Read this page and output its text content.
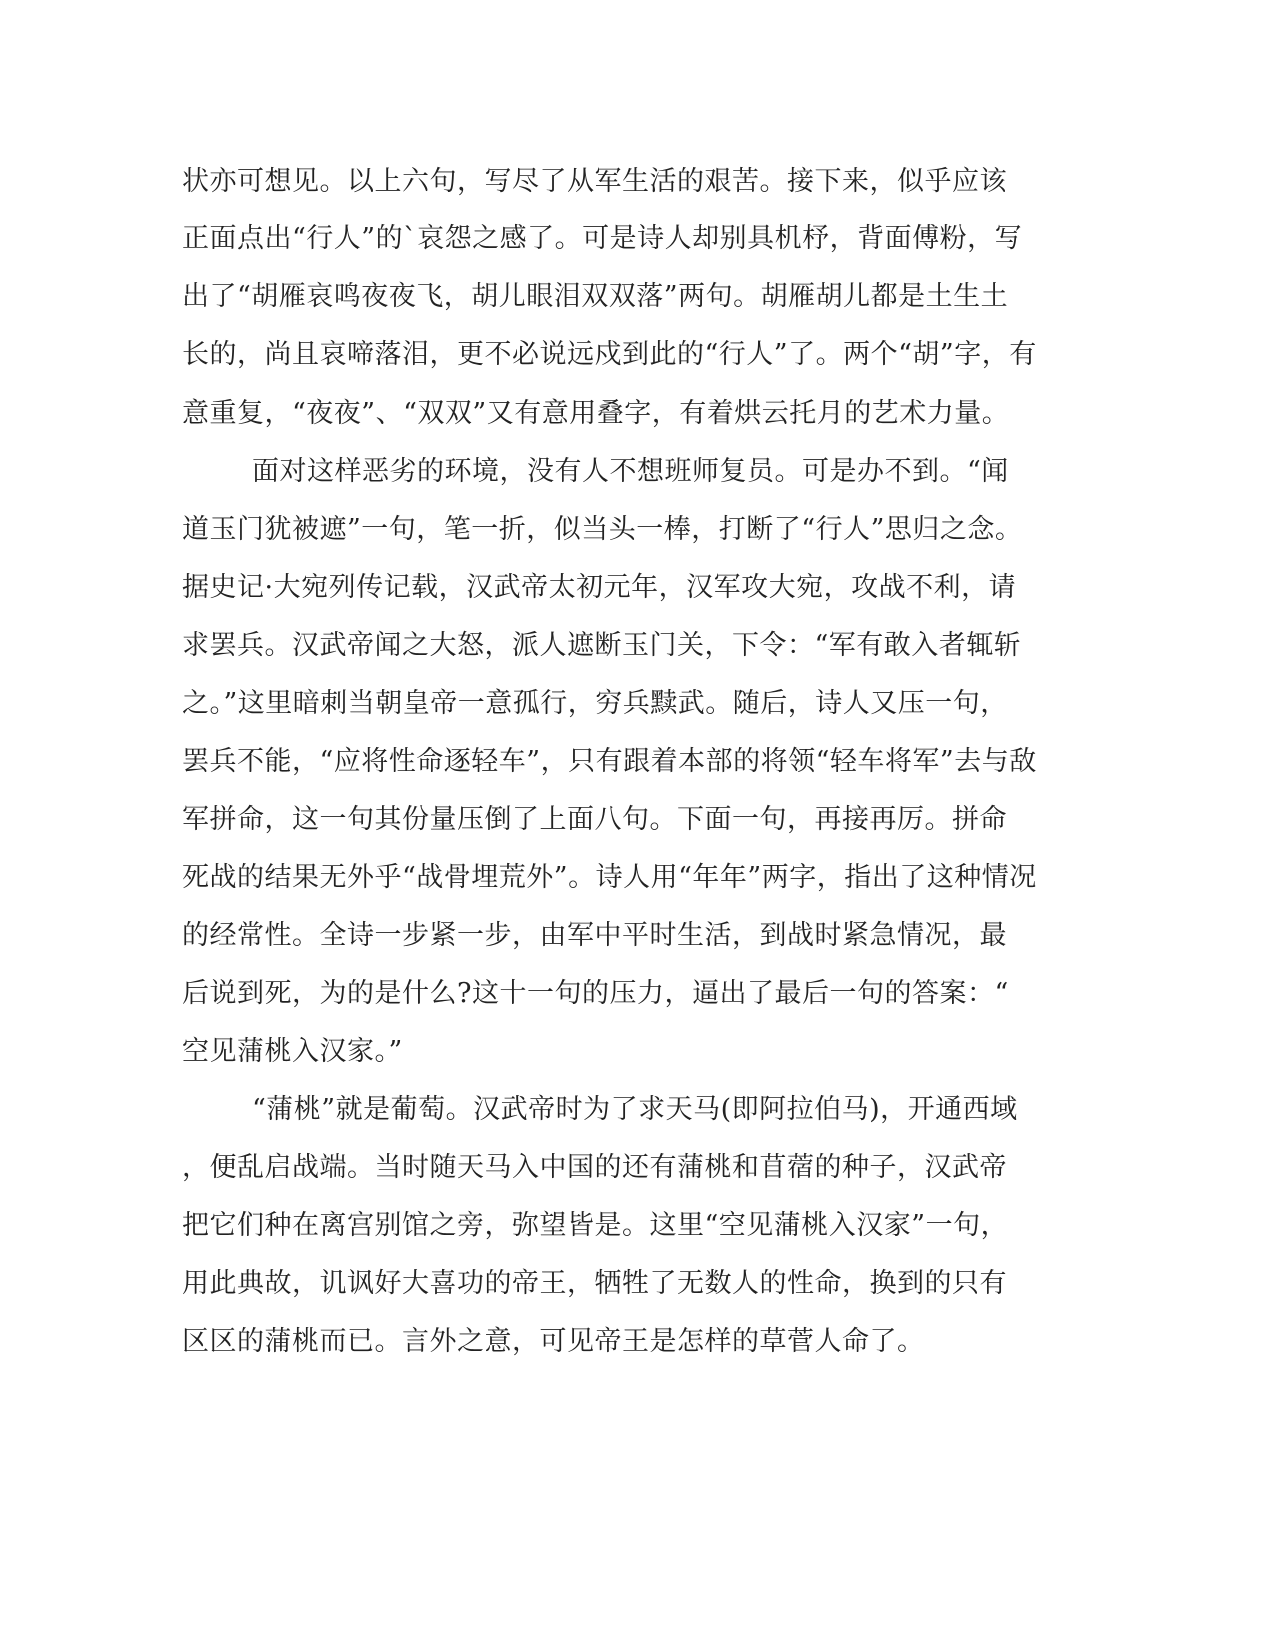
状亦可想见。以上六句，写尽了从军生活的艰苦。接下来，似乎应该
正面点出“行人”的`哀怨之感了。可是诗人却别具机杼，背面傅粉，写
出了“胡雁哀鸣夜夜飞，胡儿眼泪双双落”两句。胡雁胡儿都是土生土
长的，尚且哀啼落泪，更不必说远戍到此的“行人”了。两个“胡”字，有
意重复，“夜夜”、“双双”又有意用叠字，有着烘云托月的艺术力量。
面对这样恶劣的环境，没有人不想班师复员。可是办不到。“闻
道玉门犹被遮”一句，笔一折，似当头一棒，打断了“行人”思归之念。
据史记·大宛列传记载，汉武帝太初元年，汉军攻大宛，攻战不利，请
求罢兵。汉武帝闻之大怒，派人遮断玉门关，下令：“军有敢入者辄斩
之。”这里暗刺当朝皇帝一意孤行，穷兵黩武。随后，诗人又压一句，
罢兵不能，“应将性命逐轻车”，只有跟着本部的将领“轻车将军”去与敌
军拼命，这一句其份量压倒了上面八句。下面一句，再接再厉。拼命
死战的结果无外乎“战骨埋荒外”。诗人用“年年”两字，指出了这种情况
的经常性。全诗一步紧一步，由军中平时生活，到战时紧急情况，最
后说到死，为的是什么?这十一句的压力，逼出了最后一句的答案：“
空见蒲桃入汉家。”
“蒲桃”就是葡萄。汉武帝时为了求天马(即阿拉伯马)，开通西域
，便乱启战端。当时随天马入中国的还有蒲桃和苜蓿的种子，汉武帝
把它们种在离宫别馆之旁，弥望皆是。这里“空见蒲桃入汉家”一句，
用此典故，讥讽好大喜功的帝王，牺牲了无数人的性命，换到的只有
区区的蒲桃而已。言外之意，可见帝王是怎样的草菅人命了。
